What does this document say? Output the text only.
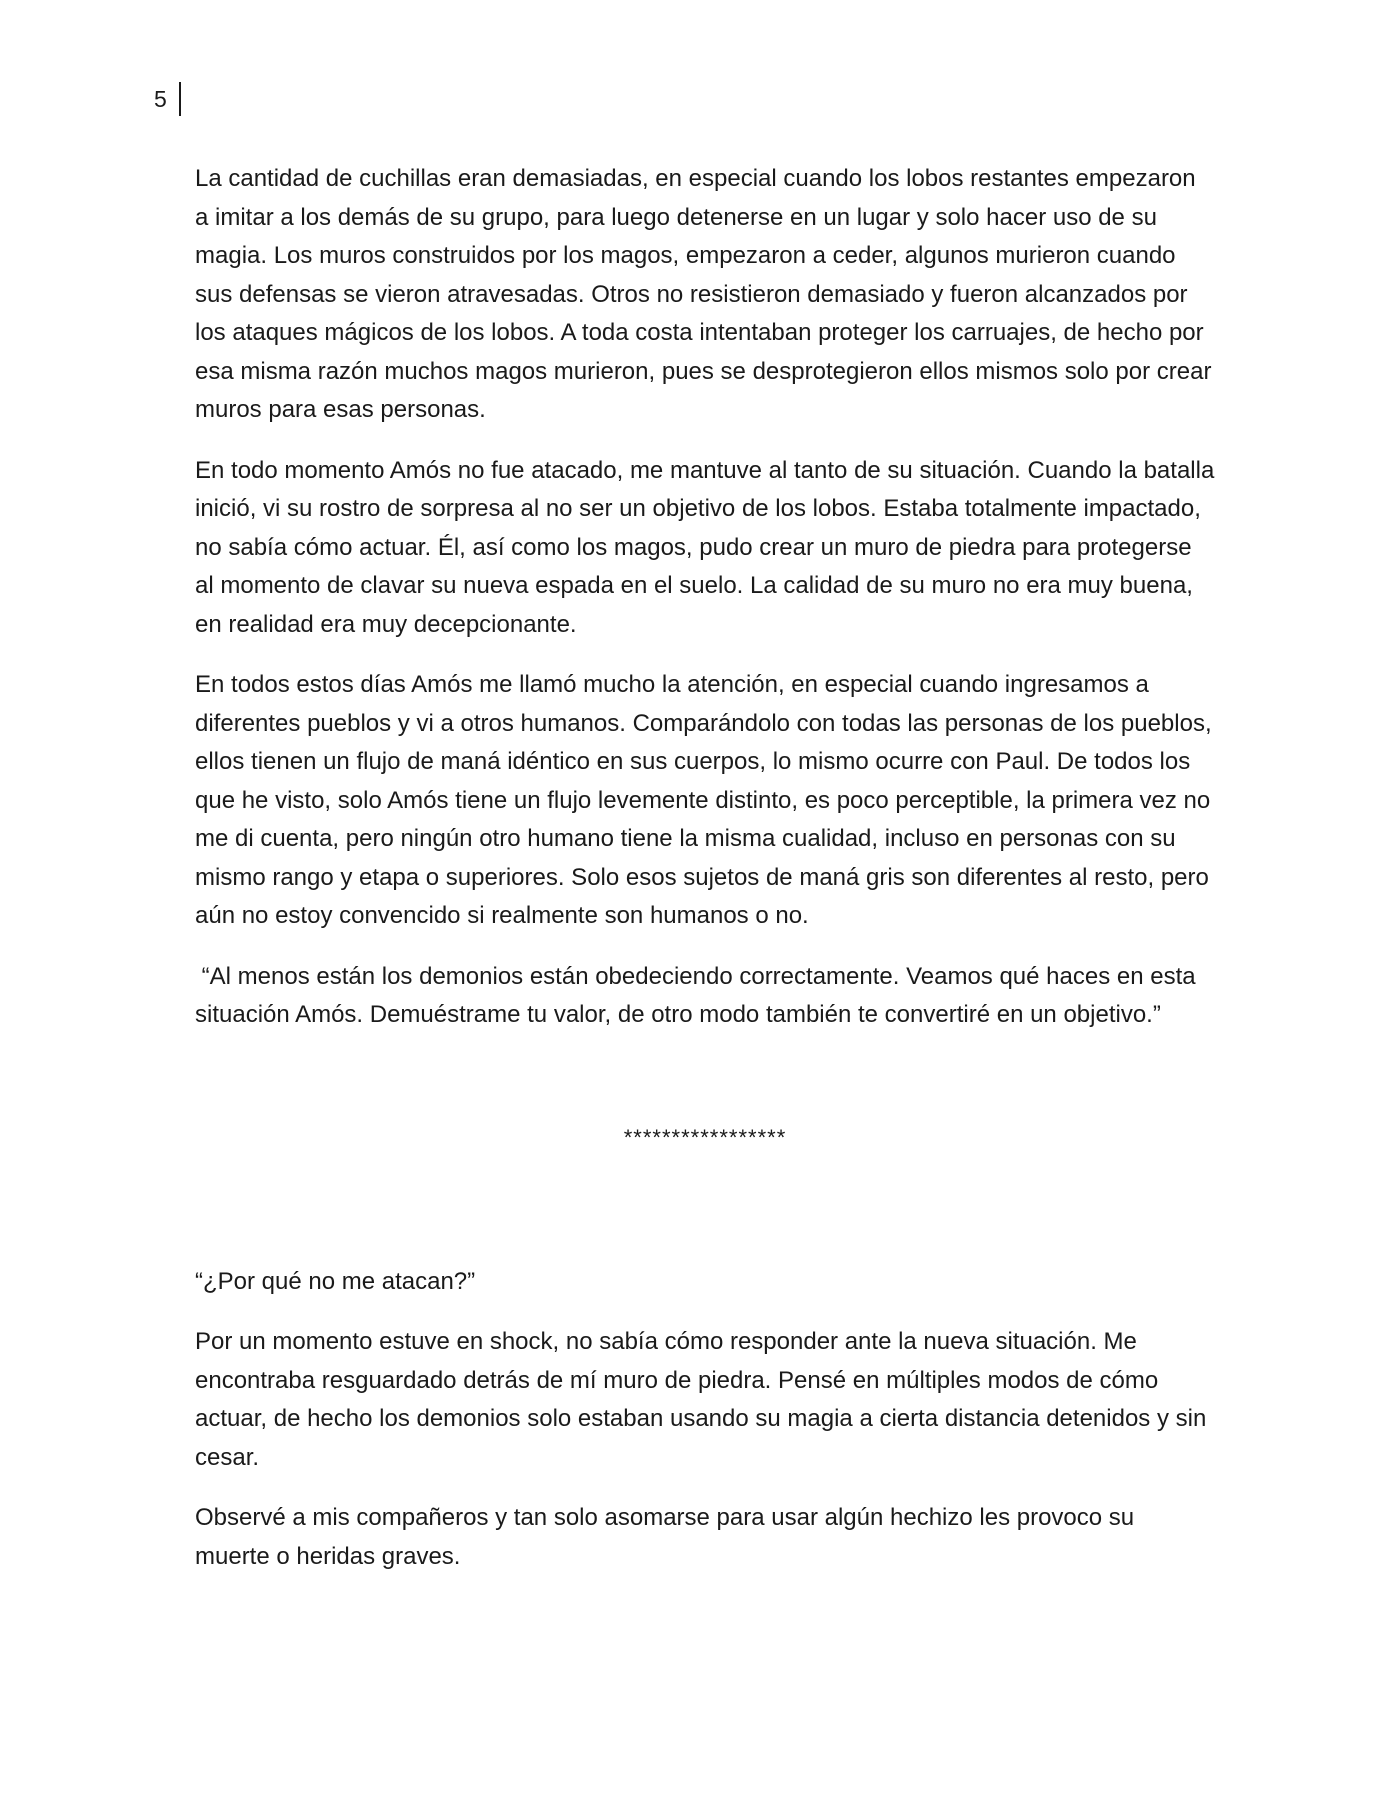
5

La cantidad de cuchillas eran demasiadas, en especial cuando los lobos restantes empezaron a imitar a los demás de su grupo, para luego detenerse en un lugar y solo hacer uso de su magia. Los muros construidos por los magos, empezaron a ceder, algunos murieron cuando sus defensas se vieron atravesadas. Otros no resistieron demasiado y fueron alcanzados por los ataques mágicos de los lobos. A toda costa intentaban proteger los carruajes, de hecho por esa misma razón muchos magos murieron, pues se desprotegieron ellos mismos solo por crear muros para esas personas.

En todo momento Amós no fue atacado, me mantuve al tanto de su situación. Cuando la batalla inició, vi su rostro de sorpresa al no ser un objetivo de los lobos. Estaba totalmente impactado, no sabía cómo actuar. Él, así como los magos, pudo crear un muro de piedra para protegerse al momento de clavar su nueva espada en el suelo. La calidad de su muro no era muy buena, en realidad era muy decepcionante.

En todos estos días Amós me llamó mucho la atención, en especial cuando ingresamos a diferentes pueblos y vi a otros humanos. Comparándolo con todas las personas de los pueblos, ellos tienen un flujo de maná idéntico en sus cuerpos, lo mismo ocurre con Paul. De todos los que he visto, solo Amós tiene un flujo levemente distinto, es poco perceptible, la primera vez no me di cuenta, pero ningún otro humano tiene la misma cualidad, incluso en personas con su mismo rango y etapa o superiores. Solo esos sujetos de maná gris son diferentes al resto, pero aún no estoy convencido si realmente son humanos o no.

“Al menos están los demonios están obedeciendo correctamente. Veamos qué haces en esta situación Amós. Demuéstrame tu valor, de otro modo también te convertiré en un objetivo.”

*****************

“¿Por qué no me atacan?”

Por un momento estuve en shock, no sabía cómo responder ante la nueva situación. Me encontraba resguardado detrás de mí muro de piedra. Pensé en múltiples modos de cómo actuar, de hecho los demonios solo estaban usando su magia a cierta distancia detenidos y sin cesar.

Observé a mis compañeros y tan solo asomarse para usar algún hechizo les provoco su muerte o heridas graves.
